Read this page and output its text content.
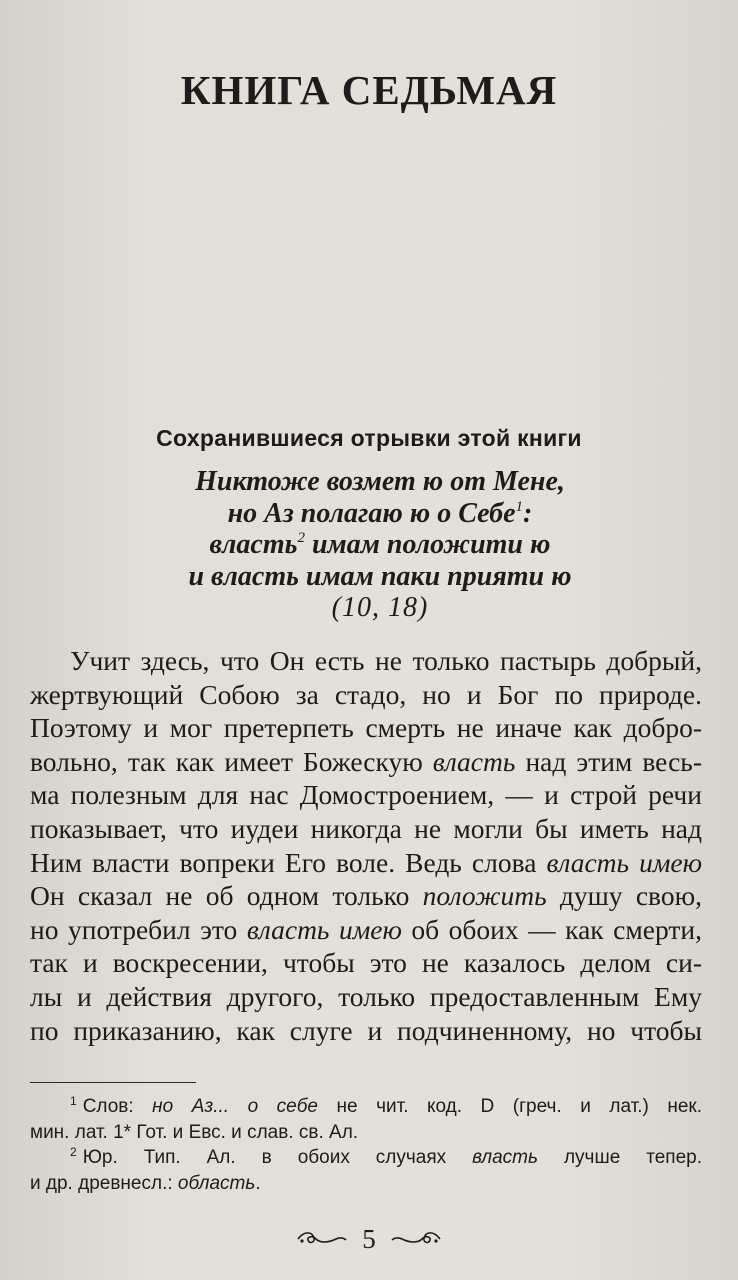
КНИГА СЕДЬМАЯ
Сохранившиеся отрывки этой книги
Никтоже возмет ю от Мене,
но Аз полагаю ю о Себе$^1$:
власть$^2$ имам положити ю
и власть имам паки прияти ю
(10, 18)
Учит здесь, что Он есть не только пастырь добрый,
жертвующий Собою за стадо, но и Бог по природе.
Поэтому и мог претерпеть смерть не иначе как добро-
вольно, так как имеет Божескую власть над этим весь-
ма полезным для нас Домостроением, — и строй речи
показывает, что иудеи никогда не могли бы иметь над
Ним власти вопреки Его воле. Ведь слова власть имею
Он сказал не об одном только положить душу свою,
но употребил это власть имею об обоих — как смерти,
так и воскресении, чтобы это не казалось делом си-
лы и действия другого, только предоставленным Ему
по приказанию, как слуге и подчиненному, но чтобы
$^1$ Слов: но Аз... о себе не чит. код. D (греч. и лат.) нек.
мин. лат. 1* Гот. и Евс. и слав. св. Ал.
$^2$ Юр. Тип. Ал. в обоих случаях власть лучше тепер.
и др. древнесл.: область.
5
